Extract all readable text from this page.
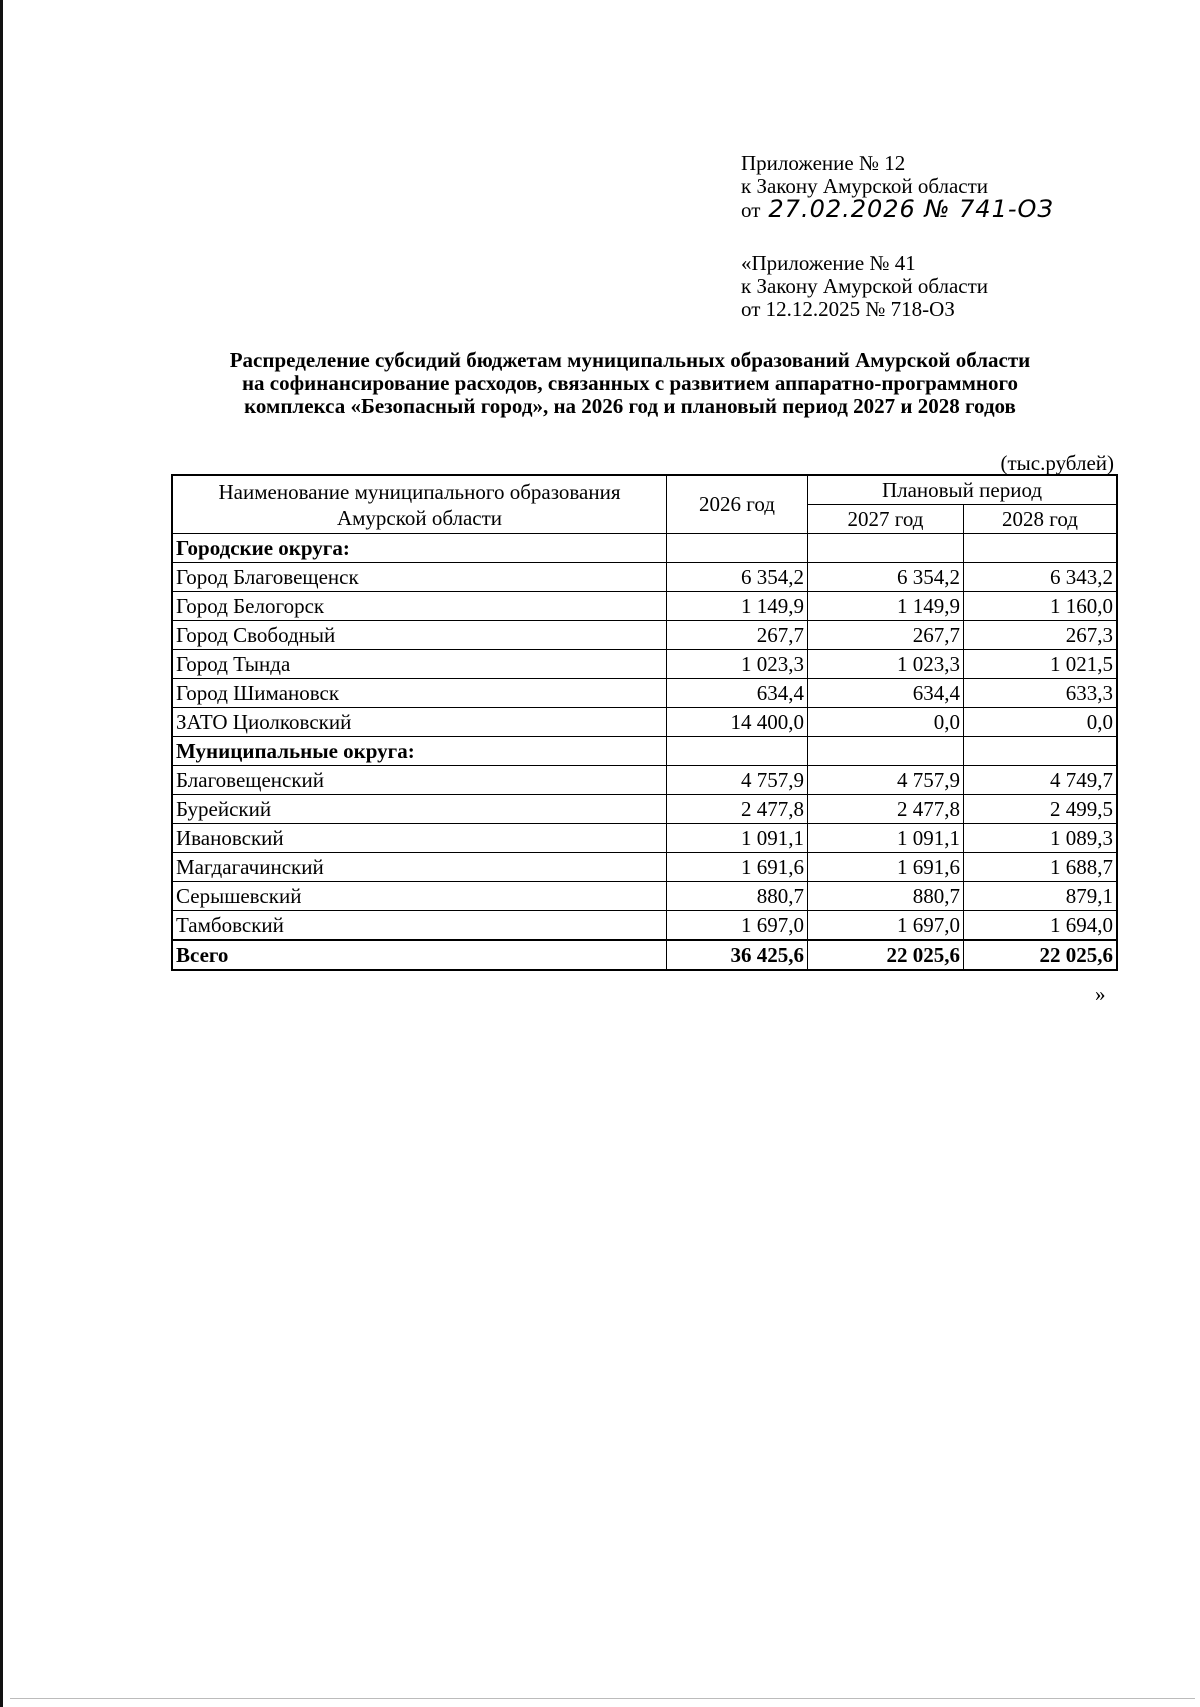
Приложение № 12
к Закону Амурской области
от 27.02.2026 № 741-ОЗ
«Приложение № 41
к Закону Амурской области
от 12.12.2025 № 718-ОЗ
Распределение субсидий бюджетам муниципальных образований Амурской области
на софинансирование расходов, связанных с развитием аппаратно-программного
комплекса «Безопасный город», на 2026 год и плановый период 2027 и 2028 годов
(тыс.рублей)
Наименование муниципального образования Амурской области	2026 год	Плановый период	
		2027 год	2028 год
Городские округа:			
Город Благовещенск	6 354,2	6 354,2	6 343,2
Город Белогорск	1 149,9	1 149,9	1 160,0
Город Свободный	267,7	267,7	267,3
Город Тында	1 023,3	1 023,3	1 021,5
Город Шимановск	634,4	634,4	633,3
ЗАТО Циолковский	14 400,0	0,0	0,0
Муниципальные округа:			
Благовещенский	4 757,9	4 757,9	4 749,7
Бурейский	2 477,8	2 477,8	2 499,5
Ивановский	1 091,1	1 091,1	1 089,3
Магдагачинский	1 691,6	1 691,6	1 688,7
Серышевский	880,7	880,7	879,1
Тамбовский	1 697,0	1 697,0	1 694,0
Всего	36 425,6	22 025,6	22 025,6
»
